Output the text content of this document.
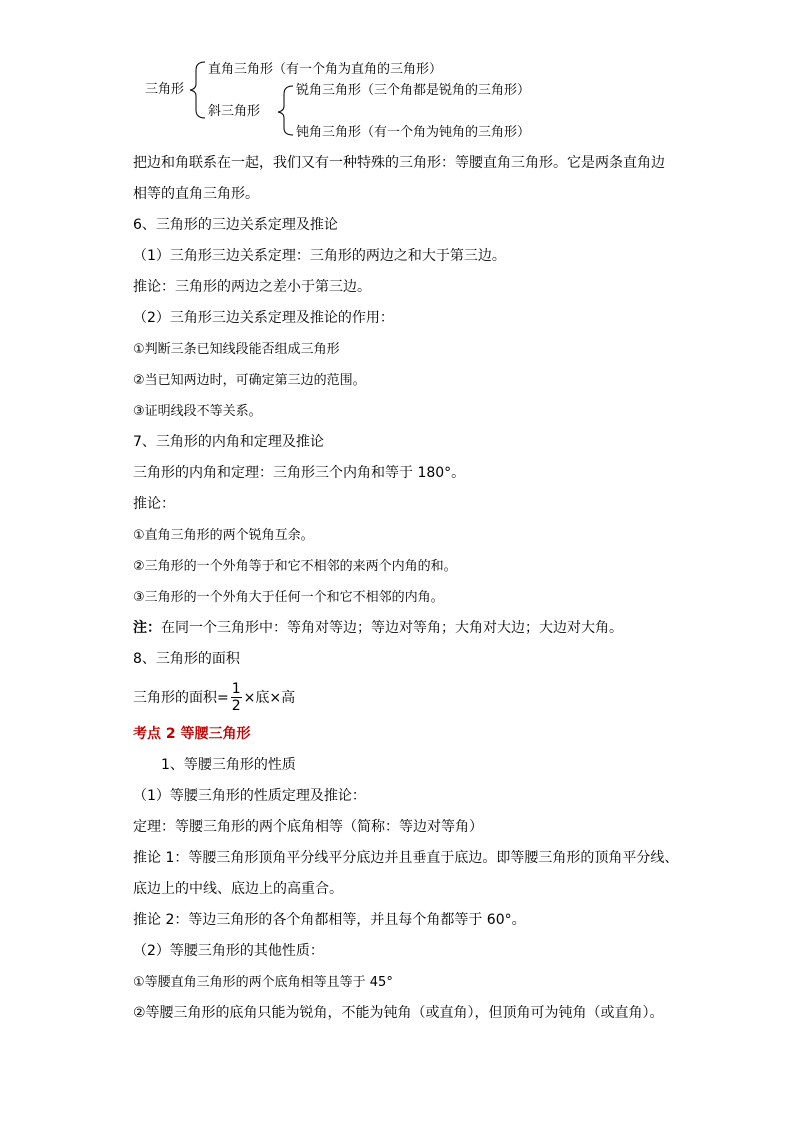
三角形
直角三角形（有一个角为直角的三角形）
斜三角形
锐角三角形（三个角都是锐角的三角形）
钝角三角形（有一个角为钝角的三角形）
把边和角联系在一起，我们又有一种特殊的三角形：等腰直角三角形。它是两条直角边
相等的直角三角形。
6、三角形的三边关系定理及推论
（1）三角形三边关系定理：三角形的两边之和大于第三边。
推论：三角形的两边之差小于第三边。
（2）三角形三边关系定理及推论的作用：
①判断三条已知线段能否组成三角形
②当已知两边时，可确定第三边的范围。
③证明线段不等关系。
7、三角形的内角和定理及推论
三角形的内角和定理：三角形三个内角和等于 180°。
推论：
①直角三角形的两个锐角互余。
②三角形的一个外角等于和它不相邻的来两个内角的和。
③三角形的一个外角大于任何一个和它不相邻的内角。
注：在同一个三角形中：等角对等边；等边对等角；大角对大边；大边对大角。
8、三角形的面积
三角形的面积= $\frac{1}{2}$ ×底×高
考点 2 等腰三角形
1、等腰三角形的性质
（1）等腰三角形的性质定理及推论：
定理：等腰三角形的两个底角相等（简称：等边对等角）
推论 1：等腰三角形顶角平分线平分底边并且垂直于底边。即等腰三角形的顶角平分线、
底边上的中线、底边上的高重合。
推论 2：等边三角形的各个角都相等，并且每个角都等于 60°。
（2）等腰三角形的其他性质：
①等腰直角三角形的两个底角相等且等于 45°
②等腰三角形的底角只能为锐角，不能为钝角（或直角），但顶角可为钝角（或直角）。
